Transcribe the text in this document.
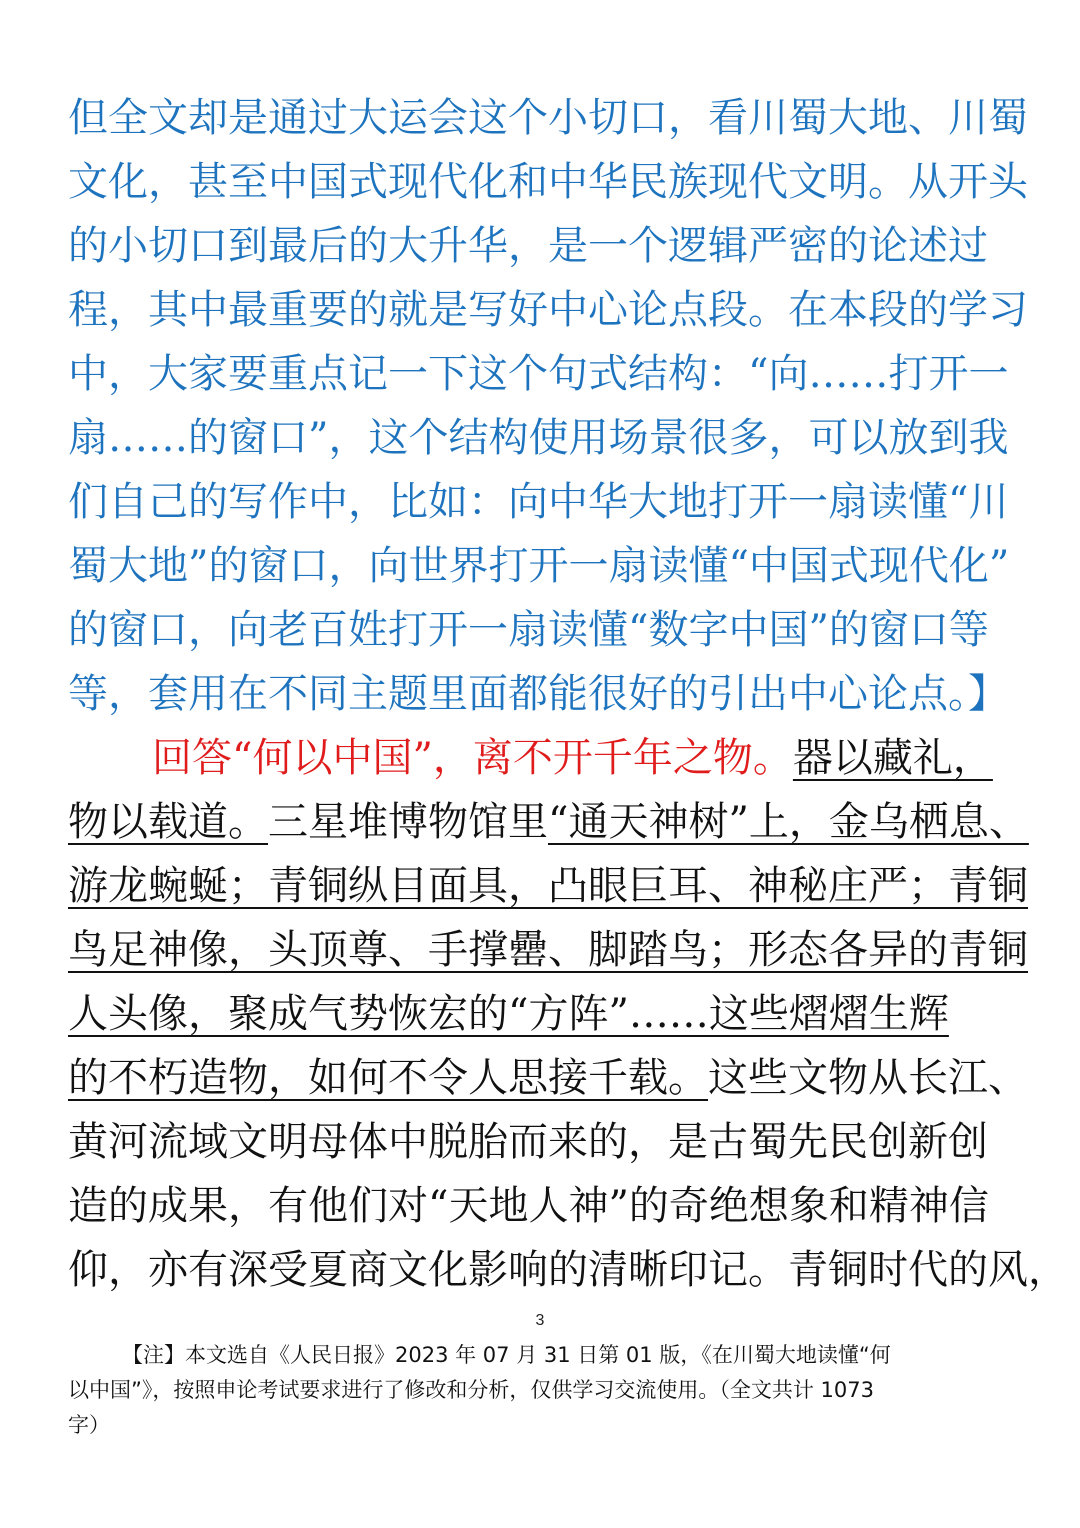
但全文却是通过大运会这个小切口，看川蜀大地、川蜀
文化，甚至中国式现代化和中华民族现代文明。从开头
的小切口到最后的大升华，是一个逻辑严密的论述过
程，其中最重要的就是写好中心论点段。在本段的学习
中，大家要重点记一下这个句式结构：“向……打开一
扇……的窗口”，这个结构使用场景很多，可以放到我
们自己的写作中，比如：向中华大地打开一扇读懂“川
蜀大地”的窗口，向世界打开一扇读懂“中国式现代化”
的窗口，向老百姓打开一扇读懂“数字中国”的窗口等
等，套用在不同主题里面都能很好的引出中心论点。】
回答“何以中国”，离不开千年之物。器以藏礼，
物以载道。三星堆博物馆里“通天神树”上，金乌栖息、
游龙蜿蜒；青铜纵目面具，凸眼巨耳、神秘庄严；青铜
鸟足神像，头顶尊、手撑罍、脚踏鸟；形态各异的青铜
人头像，聚成气势恢宏的“方阵”……这些熠熠生辉
的不朽造物，如何不令人思接千载。这些文物从长江、
黄河流域文明母体中脱胎而来的，是古蜀先民创新创
造的成果，有他们对“天地人神”的奇绝想象和精神信
仰，亦有深受夏商文化影响的清晰印记。青铜时代的风，
3
【注】本文选自《人民日报》2023 年 07 月 31 日第 01 版，《在川蜀大地读懂“何
以中国”》，按照申论考试要求进行了修改和分析，仅供学习交流使用。（全文共计 1073
字）
